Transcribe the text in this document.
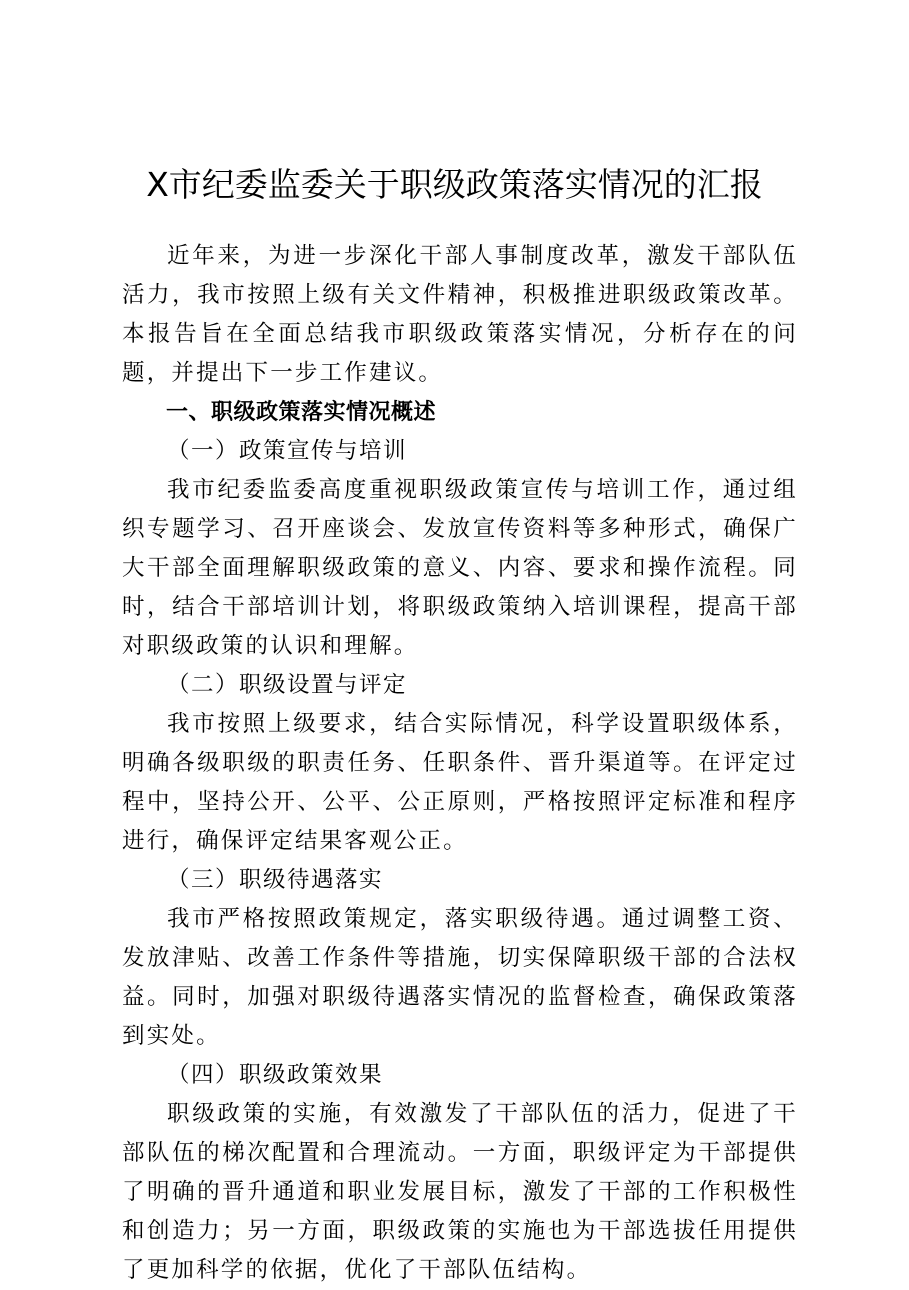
X市纪委监委关于职级政策落实情况的汇报

近年来，为进一步深化干部人事制度改革，激发干部队伍活力，我市按照上级有关文件精神，积极推进职级政策改革。本报告旨在全面总结我市职级政策落实情况，分析存在的问题，并提出下一步工作建议。

一、职级政策落实情况概述

（一）政策宣传与培训

我市纪委监委高度重视职级政策宣传与培训工作，通过组织专题学习、召开座谈会、发放宣传资料等多种形式，确保广大干部全面理解职级政策的意义、内容、要求和操作流程。同时，结合干部培训计划，将职级政策纳入培训课程，提高干部对职级政策的认识和理解。

（二）职级设置与评定

我市按照上级要求，结合实际情况，科学设置职级体系，明确各级职级的职责任务、任职条件、晋升渠道等。在评定过程中，坚持公开、公平、公正原则，严格按照评定标准和程序进行，确保评定结果客观公正。

（三）职级待遇落实

我市严格按照政策规定，落实职级待遇。通过调整工资、发放津贴、改善工作条件等措施，切实保障职级干部的合法权益。同时，加强对职级待遇落实情况的监督检查，确保政策落到实处。

（四）职级政策效果

职级政策的实施，有效激发了干部队伍的活力，促进了干部队伍的梯次配置和合理流动。一方面，职级评定为干部提供了明确的晋升通道和职业发展目标，激发了干部的工作积极性和创造力；另一方面，职级政策的实施也为干部选拔任用提供了更加科学的依据，优化了干部队伍结构。
